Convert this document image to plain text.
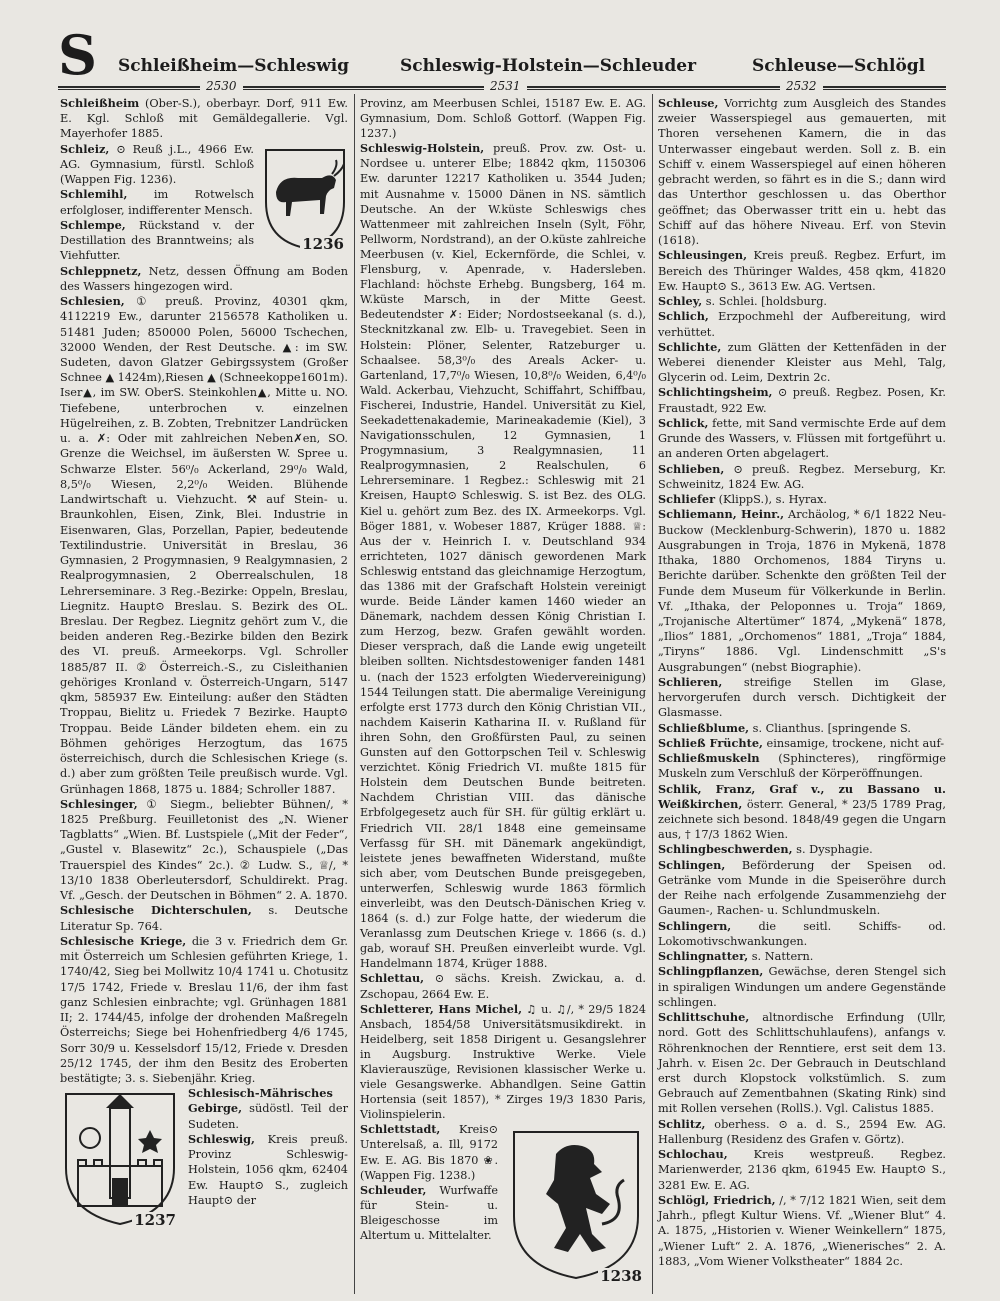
S Schleißheim—Schleswig	Schleswig-Holstein—Schleuder	Schleuse—Schlögl
2530	2531	2532

Schleißheim (Ober-S.), oberbayr. Dorf, 911 Ew. E. Kgl. Schloß mit Gemäldegallerie. Vgl. Mayerhofer 1885.

1236

Schleiz, ⊙ Reuß j.L., 4966 Ew. AG. Gymnasium, fürstl. Schloß (Wappen Fig. 1236).

Schlemihl, im Rotwelsch erfolgloser, indifferenter Mensch.

Schlempe, Rückstand v. der Destillation des Branntweins; als Viehfutter.

Schleppnetz, Netz, dessen Öffnung am Boden des Wassers hingezogen wird.

Schlesien, ① preuß. Provinz, 40301 qkm, 4112219 Ew., darunter 2156578 Katholiken u. 51481 Juden; 850000 Polen, 56000 Tschechen, 32000 Wenden, der Rest Deutsche. ▲: im SW. Sudeten, davon Glatzer Gebirgssystem (Großer Schnee▲1424m),Riesen▲(Schneekoppe1601m). Iser▲, im SW. OberS. Steinkohlen▲, Mitte u. NO. Tiefebene, unterbrochen v. einzelnen Hügelreihen, z. B. Zobten, Trebnitzer Landrücken u. a. ✗: Oder mit zahlreichen Neben✗en, SO. Grenze die Weichsel, im äußersten W. Spree u. Schwarze Elster. 56⁰/₀ Ackerland, 29⁰/₀ Wald, 8,5⁰/₀ Wiesen, 2,2⁰/₀ Weiden. Blühende Landwirtschaft u. Viehzucht. ⚒ auf Stein- u. Braunkohlen, Eisen, Zink, Blei. Industrie in Eisenwaren, Glas, Porzellan, Papier, bedeutende Textilindustrie. Universität in Breslau, 36 Gymnasien, 2 Progymnasien, 9 Realgymnasien, 2 Realprogymnasien, 2 Oberrealschulen, 18 Lehrerseminare. 3 Reg.-Bezirke: Oppeln, Breslau, Liegnitz. Haupt⊙ Breslau. S. Bezirk des OL. Breslau. Der Regbez. Liegnitz gehört zum V., die beiden anderen Reg.-Bezirke bilden den Bezirk des VI. preuß. Armeekorps. Vgl. Schroller 1885/87 II. ② Österreich.-S., zu Cisleithanien gehöriges Kronland v. Österreich-Ungarn, 5147 qkm, 585937 Ew. Einteilung: außer den Städten Troppau, Bielitz u. Friedek 7 Bezirke. Haupt⊙ Troppau. Beide Länder bildeten ehem. ein zu Böhmen gehöriges Herzogtum, das 1675 österreichisch, durch die Schlesischen Kriege (s. d.) aber zum größten Teile preußisch wurde. Vgl. Grünhagen 1868, 1875 u. 1884; Schroller 1887.

Schlesinger, ① Siegm., beliebter Bühnen/, * 1825 Preßburg. Feuilletonist des „N. Wiener Tagblatts“ „Wien. Bf. Lustspiele („Mit der Feder“, „Gustel v. Blasewitz“ 2c.), Schauspiele („Das Trauerspiel des Kindes“ 2c.). ② Ludw. S., ♕/, * 13/10 1838 Oberleutersdorf, Schuldirekt. Prag. Vf. „Gesch. der Deutschen in Böhmen“ 2. A. 1870.

Schlesische Dichterschulen, s. Deutsche Literatur Sp. 764.

Schlesische Kriege, die 3 v. Friedrich dem Gr. mit Österreich um Schlesien geführten Kriege, 1. 1740/42, Sieg bei Mollwitz 10/4 1741 u. Chotusitz 17/5 1742, Friede v. Breslau 11/6, der ihm fast ganz Schlesien einbrachte; vgl. Grünhagen 1881 II; 2. 1744/45, infolge der drohenden Maßregeln Österreichs; Siege bei Hohenfriedberg 4/6 1745, Sorr 30/9 u. Kesselsdorf 15/12, Friede v. Dresden 25/12 1745, der ihm den Besitz des Eroberten bestätigte; 3. s. Siebenjähr. Krieg.

1237

Schlesisch-Mährisches Gebirge, südöstl. Teil der Sudeten.

Schleswig, Kreis preuß. Provinz Schleswig-Holstein, 1056 qkm, 62404 Ew. Haupt⊙ S., zugleich Haupt⊙ der

Provinz, am Meerbusen Schlei, 15187 Ew. E. AG. Gymnasium, Dom. Schloß Gottorf. (Wappen Fig. 1237.)

Schleswig-Holstein, preuß. Prov. zw. Ost- u. Nordsee u. unterer Elbe; 18842 qkm, 1150306 Ew. darunter 12217 Katholiken u. 3544 Juden; mit Ausnahme v. 15000 Dänen in NS. sämtlich Deutsche. An der W.küste Schleswigs ches Wattenmeer mit zahlreichen Inseln (Sylt, Föhr, Pellworm, Nordstrand), an der O.küste zahlreiche Meerbusen (v. Kiel, Eckernförde, die Schlei, v. Flensburg, v. Apenrade, v. Hadersleben. Flachland: höchste Erhebg. Bungsberg, 164 m. W.küste Marsch, in der Mitte Geest. Bedeutendster ✗: Eider; Nordostseekanal (s. d.), Stecknitzkanal zw. Elb- u. Travegebiet. Seen in Holstein: Plöner, Selenter, Ratzeburger u. Schaalsee. 58,3⁰/₀ des Areals Acker- u. Gartenland, 17,7⁰/₀ Wiesen, 10,8⁰/₀ Weiden, 6,4⁰/₀ Wald. Ackerbau, Viehzucht, Schiffahrt, Schiffbau, Fischerei, Industrie, Handel. Universität zu Kiel, Seekadettenakademie, Marineakademie (Kiel), 3 Navigationsschulen, 12 Gymnasien, 1 Progymnasium, 3 Realgymnasien, 11 Realprogymnasien, 2 Realschulen, 6 Lehrerseminare. 1 Regbez.: Schleswig mit 21 Kreisen, Haupt⊙ Schleswig. S. ist Bez. des OLG. Kiel u. gehört zum Bez. des IX. Armeekorps. Vgl. Böger 1881, v. Wobeser 1887, Krüger 1888. ♕: Aus der v. Heinrich I. v. Deutschland 934 errichteten, 1027 dänisch gewordenen Mark Schleswig entstand das gleichnamige Herzogtum, das 1386 mit der Grafschaft Holstein vereinigt wurde. Beide Länder kamen 1460 wieder an Dänemark, nachdem dessen König Christian I. zum Herzog, bezw. Grafen gewählt worden. Dieser versprach, daß die Lande ewig ungeteilt bleiben sollten. Nichtsdestoweniger fanden 1481 u. (nach der 1523 erfolgten Wiedervereinigung) 1544 Teilungen statt. Die abermalige Vereinigung erfolgte erst 1773 durch den König Christian VII., nachdem Kaiserin Katharina II. v. Rußland für ihren Sohn, den Großfürsten Paul, zu seinen Gunsten auf den Gottorpschen Teil v. Schleswig verzichtet. König Friedrich VI. mußte 1815 für Holstein dem Deutschen Bunde beitreten. Nachdem Christian VIII. das dänische Erbfolgegesetz auch für SH. für gültig erklärt u. Friedrich VII. 28/1 1848 eine gemeinsame Verfassg für SH. mit Dänemark angekündigt, leistete jenes bewaffneten Widerstand, mußte sich aber, vom Deutschen Bunde preisgegeben, unterwerfen, Schleswig wurde 1863 förmlich einverleibt, was den Deutsch-Dänischen Krieg v. 1864 (s. d.) zur Folge hatte, der wiederum die Veranlassg zum Deutschen Kriege v. 1866 (s. d.) gab, worauf SH. Preußen einverleibt wurde. Vgl. Handelmann 1874, Krüger 1888.

Schlettau, ⊙ sächs. Kreish. Zwickau, a. d. Zschopau, 2664 Ew. E.

Schletterer, Hans Michel, ♫ u. ♫/, * 29/5 1824 Ansbach, 1854/58 Universitätsmusikdirekt. in Heidelberg, seit 1858 Dirigent u. Gesangslehrer in Augsburg. Instruktive Werke. Viele Klavierauszüge, Revisionen klassischer Werke u. viele Gesangswerke. Abhandlgen. Seine Gattin Hortensia (seit 1857), * Zirges 19/3 1830 Paris, Violinspielerin.

1238

Schlettstadt, Kreis⊙ Unterelsaß, a. Ill, 9172 Ew. E. AG. Bis 1870 ❀. (Wappen Fig. 1238.)

Schleuder, Wurfwaffe für Stein- u. Bleigeschosse im Altertum u. Mittelalter.

Schleuse, Vorrichtg zum Ausgleich des Standes zweier Wasserspiegel aus gemauerten, mit Thoren versehenen Kamern, die in das Unterwasser eingebaut werden. Soll z. B. ein Schiff v. einem Wasserspiegel auf einen höheren gebracht werden, so fährt es in die S.; dann wird das Unterthor geschlossen u. das Oberthor geöffnet; das Oberwasser tritt ein u. hebt das Schiff auf das höhere Niveau. Erf. von Stevin (1618).

Schleusingen, Kreis preuß. Regbez. Erfurt, im Bereich des Thüringer Waldes, 458 qkm, 41820 Ew. Haupt⊙ S., 3613 Ew. AG. Vertsen.

Schley, s. Schlei. [holdsburg.

Schlich, Erzpochmehl der Aufbereitung, wird verhüttet.

Schlichte, zum Glätten der Kettenfäden in der Weberei dienender Kleister aus Mehl, Talg, Glycerin od. Leim, Dextrin 2c.

Schlichtingsheim, ⊙ preuß. Regbez. Posen, Kr. Fraustadt, 922 Ew.

Schlick, fette, mit Sand vermischte Erde auf dem Grunde des Wassers, v. Flüssen mit fortgeführt u. an anderen Orten abgelagert.

Schlieben, ⊙ preuß. Regbez. Merseburg, Kr. Schweinitz, 1824 Ew. AG.

Schliefer (KlippS.), s. Hyrax.

Schliemann, Heinr., Archäolog, * 6/1 1822 Neu-Buckow (Mecklenburg-Schwerin), 1870 u. 1882 Ausgrabungen in Troja, 1876 in Mykenä, 1878 Ithaka, 1880 Orchomenos, 1884 Tiryns u. Berichte darüber. Schenkte den größten Teil der Funde dem Museum für Völkerkunde in Berlin. Vf. „Ithaka, der Peloponnes u. Troja“ 1869, „Trojanische Altertümer“ 1874, „Mykenä“ 1878, „Ilios“ 1881, „Orchomenos“ 1881, „Troja“ 1884, „Tiryns“ 1886. Vgl. Lindenschmitt „S's Ausgrabungen“ (nebst Biographie).

Schlieren, streifige Stellen im Glase, hervorgerufen durch versch. Dichtigkeit der Glasmasse.

Schließblume, s. Clianthus. [springende S.

Schließ Früchte, einsamige, trockene, nicht auf-

Schließmuskeln (Sphincteres), ringförmige Muskeln zum Verschluß der Körperöffnungen.

Schlik, Franz, Graf v., zu Bassano u. Weißkirchen, österr. General, * 23/5 1789 Prag, zeichnete sich besond. 1848/49 gegen die Ungarn aus, † 17/3 1862 Wien.

Schlingbeschwerden, s. Dysphagie.

Schlingen, Beförderung der Speisen od. Getränke vom Munde in die Speiseröhre durch der Reihe nach erfolgende Zusammenziehg der Gaumen-, Rachen- u. Schlundmuskeln.

Schlingern, die seitl. Schiffs- od. Lokomotivschwankungen.

Schlingnatter, s. Nattern.

Schlingpflanzen, Gewächse, deren Stengel sich in spiraligen Windungen um andere Gegenstände schlingen.

Schlittschuhe, altnordische Erfindung (Ullr, nord. Gott des Schlittschuhlaufens), anfangs v. Röhrenknochen der Renntiere, erst seit dem 13. Jahrh. v. Eisen 2c. Der Gebrauch in Deutschland erst durch Klopstock volkstümlich. S. zum Gebrauch auf Zementbahnen (Skating Rink) sind mit Rollen versehen (RollS.). Vgl. Calistus 1885.

Schlitz, oberhess. ⊙ a. d. S., 2594 Ew. AG. Hallenburg (Residenz des Grafen v. Görtz).

Schlochau, Kreis westpreuß. Regbez. Marienwerder, 2136 qkm, 61945 Ew. Haupt⊙ S., 3281 Ew. E. AG.

Schlögl, Friedrich, /, * 7/12 1821 Wien, seit dem Jahrh., pflegt Kultur Wiens. Vf. „Wiener Blut“ 4. A. 1875, „Historien v. Wiener Weinkellern“ 1875, „Wiener Luft“ 2. A. 1876, „Wienerisches“ 2. A. 1883, „Vom Wiener Volkstheater“ 1884 2c.
